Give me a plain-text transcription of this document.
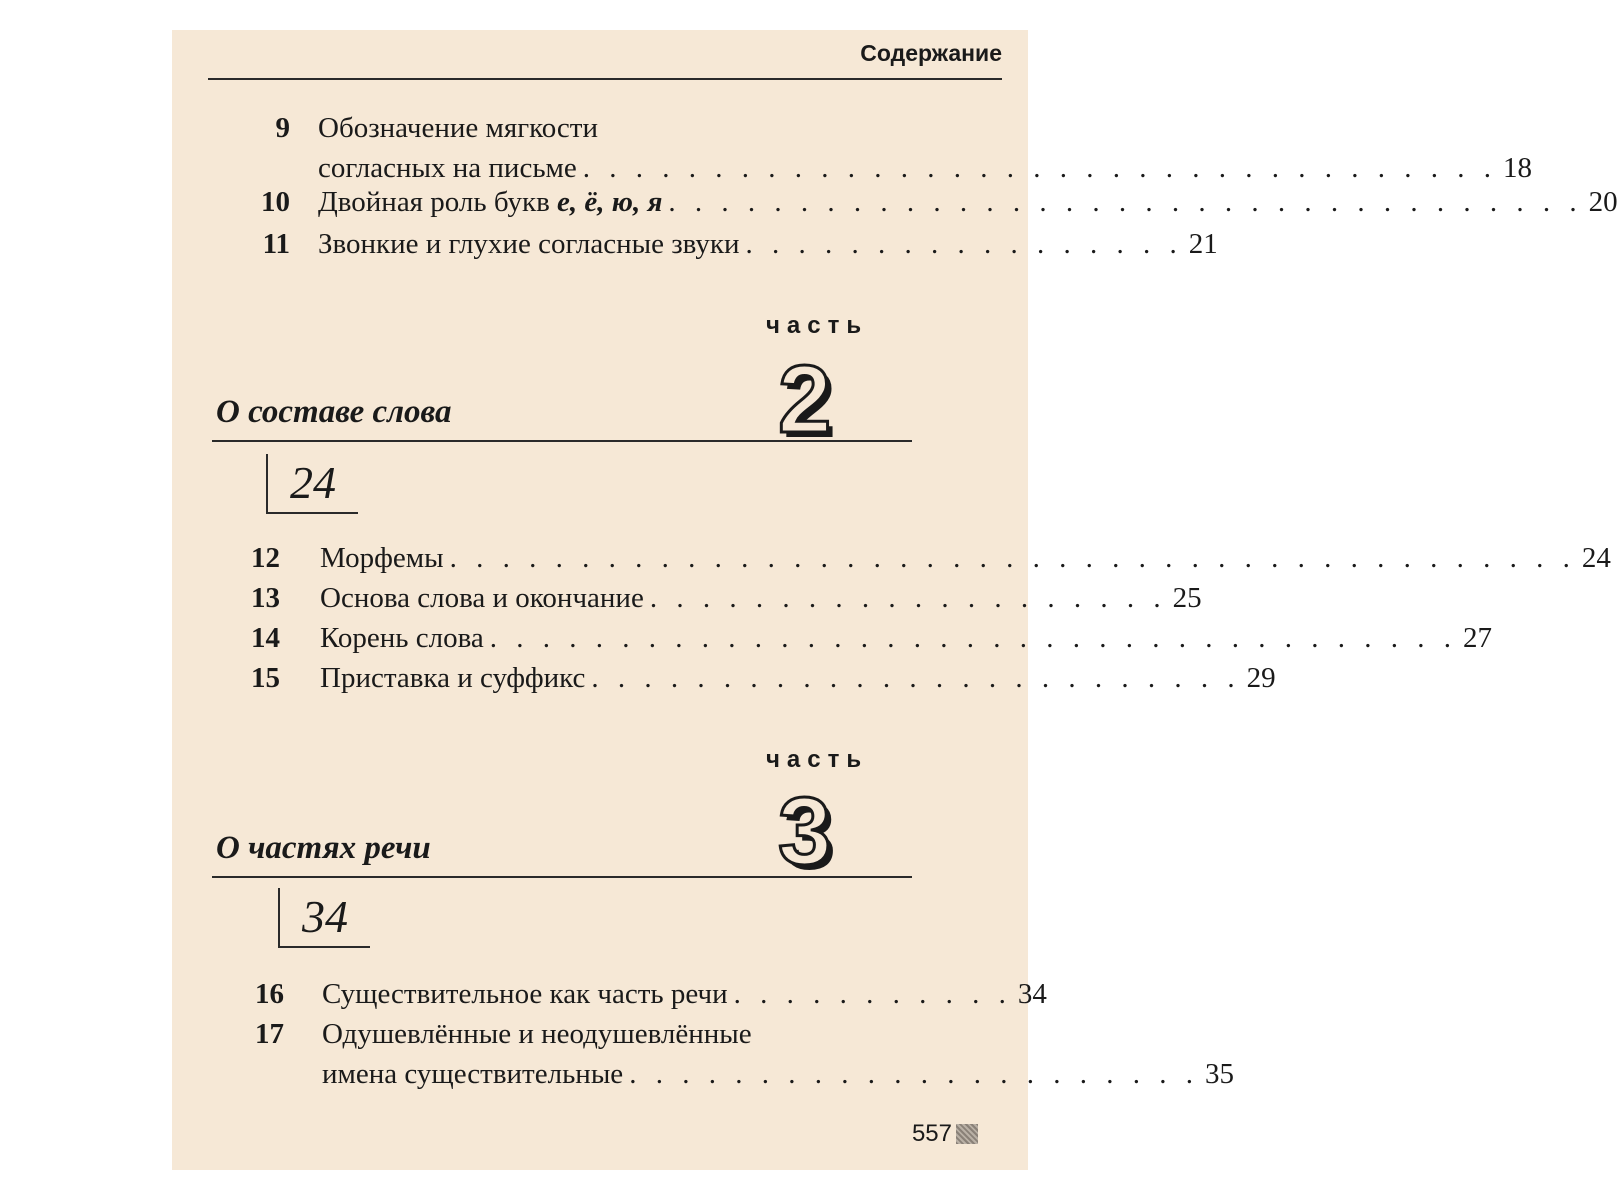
Содержание
9 Обозначение мягкости
согласных на письме . . . . . . . . . . . . . . . . . . . . . . . . . . . . . . . . . . . 18
10 Двойная роль букв е, ё, ю, я . . . . . . . . . . . . . . . . . . . . . . . . . . . . . . . . . . . 20
11 Звонкие и глухие согласные звуки . . . . . . . . . . . . . . . . . 21
часть
2
О составе слова
24
12 Морфемы . . . . . . . . . . . . . . . . . . . . . . . . . . . . . . . . . . . . . . . . . . . 24
13 Основа слова и окончание . . . . . . . . . . . . . . . . . . . . 25
14 Корень слова . . . . . . . . . . . . . . . . . . . . . . . . . . . . . . . . . . . . . 27
15 Приставка и суффикс . . . . . . . . . . . . . . . . . . . . . . . . . 29
часть
3
О частях речи
34
16 Существительное как часть речи . . . . . . . . . . . 34
17 Одушевлённые и неодушевлённые
имена существительные . . . . . . . . . . . . . . . . . . . . . . 35
557
